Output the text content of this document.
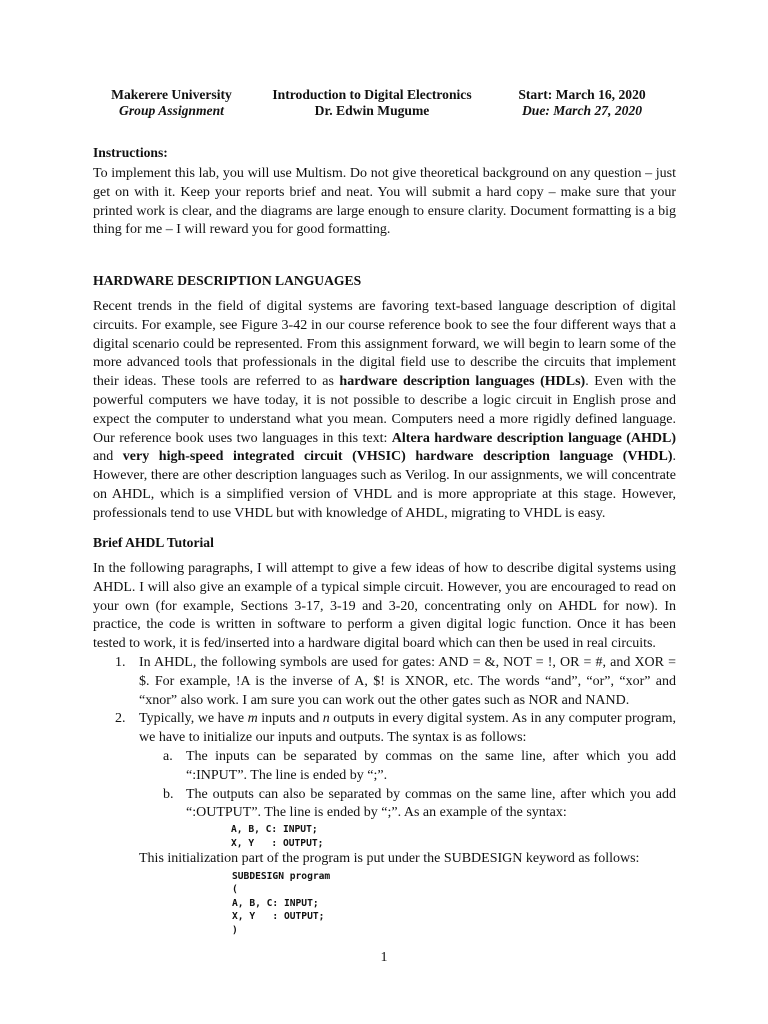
Makerere University
Group Assignment
Introduction to Digital Electronics
Dr. Edwin Mugume
Start: March 16, 2020
Due: March 27, 2020
Instructions:
To implement this lab, you will use Multism. Do not give theoretical background on any question – just get on with it. Keep your reports brief and neat. You will submit a hard copy – make sure that your printed work is clear, and the diagrams are large enough to ensure clarity. Document formatting is a big thing for me – I will reward you for good formatting.
HARDWARE DESCRIPTION LANGUAGES
Recent trends in the field of digital systems are favoring text-based language description of digital circuits. For example, see Figure 3-42 in our course reference book to see the four different ways that a digital scenario could be represented. From this assignment forward, we will begin to learn some of the more advanced tools that professionals in the digital field use to describe the circuits that implement their ideas. These tools are referred to as hardware description languages (HDLs). Even with the powerful computers we have today, it is not possible to describe a logic circuit in English prose and expect the computer to understand what you mean. Computers need a more rigidly defined language. Our reference book uses two languages in this text: Altera hardware description language (AHDL) and very high-speed integrated circuit (VHSIC) hardware description language (VHDL). However, there are other description languages such as Verilog. In our assignments, we will concentrate on AHDL, which is a simplified version of VHDL and is more appropriate at this stage. However, professionals tend to use VHDL but with knowledge of AHDL, migrating to VHDL is easy.
Brief AHDL Tutorial
In the following paragraphs, I will attempt to give a few ideas of how to describe digital systems using AHDL. I will also give an example of a typical simple circuit. However, you are encouraged to read on your own (for example, Sections 3-17, 3-19 and 3-20, concentrating only on AHDL for now). In practice, the code is written in software to perform a given digital logic function. Once it has been tested to work, it is fed/inserted into a hardware digital board which can then be used in real circuits.
1. In AHDL, the following symbols are used for gates: AND = &, NOT = !, OR = #, and XOR = $. For example, !A is the inverse of A, $! is XNOR, etc. The words “and”, “or”, “xor” and “xnor” also work. I am sure you can work out the other gates such as NOR and NAND.
2. Typically, we have m inputs and n outputs in every digital system. As in any computer program, we have to initialize our inputs and outputs. The syntax is as follows:
a. The inputs can be separated by commas on the same line, after which you add “:INPUT”. The line is ended by “;”.
b. The outputs can also be separated by commas on the same line, after which you add “:OUTPUT”. The line is ended by “;”. As an example of the syntax:
A, B, C: INPUT;
X, Y   : OUTPUT;
This initialization part of the program is put under the SUBDESIGN keyword as follows:
SUBDESIGN program
(
A, B, C: INPUT;
X, Y   : OUTPUT;
)
1
